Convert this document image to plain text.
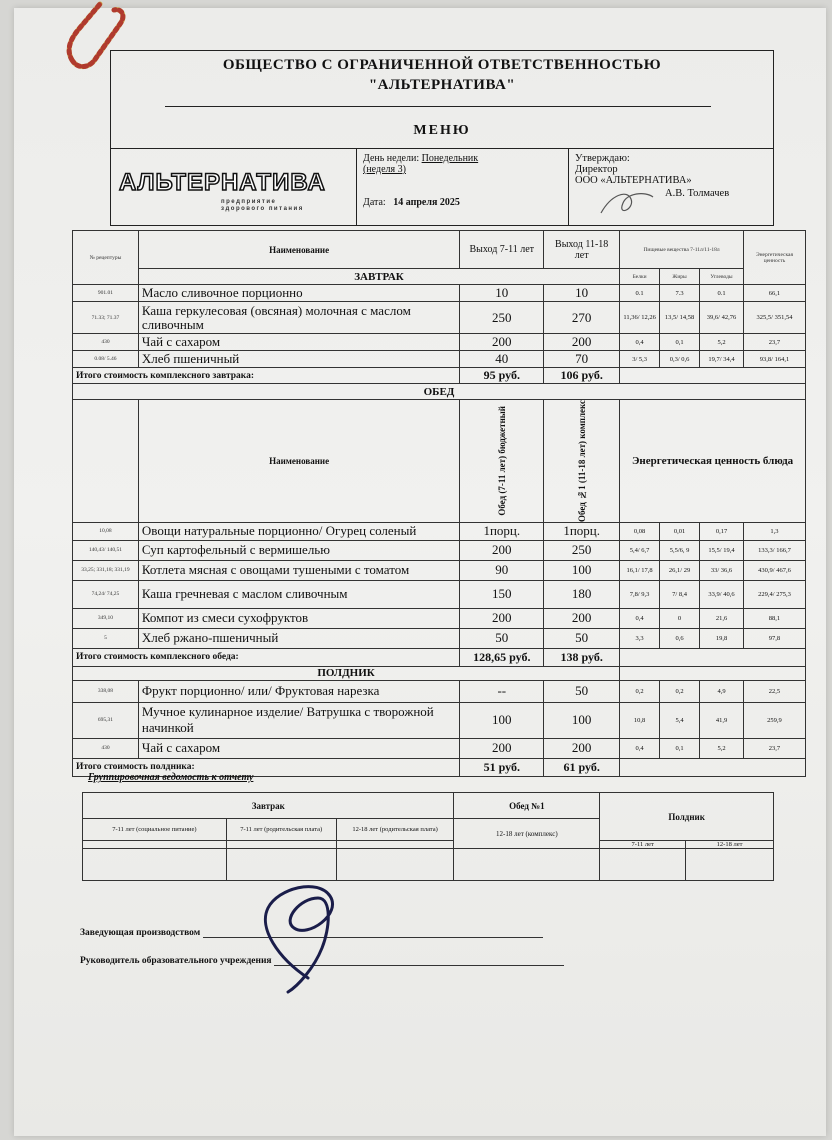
ОБЩЕСТВО С ОГРАНИЧЕННОЙ ОТВЕТСТВЕННОСТЬЮ
"АЛЬТЕРНАТИВА"
МЕНЮ
АЛЬТЕРНАТИВА
предприятие здорового питания
День недели: Понедельник
(неделя 3)
Дата: 14 апреля 2025
Утверждаю:
Директор
ООО «АЛЬТЕРНАТИВА»
А.В. Толмачев
№ рецептуры	Наименование	Выход 7-11 лет	Выход 11-18 лет	Пищевые вещества 7-11л/11-18л			Энергетическая ценность
	ЗАВТРАК			Белки	Жиры	Углеводы	
901.01	Масло сливочное порционно	10	10	0.1	7.3	0.1	66,1
71.33; 71.37	Каша геркулесовая (овсяная) молочная с маслом сливочным	250	270	11,36/ 12,26	13,5/ 14,58	39,6/ 42,76	325,5/ 351,54
430	Чай с сахаром	200	200	0,4	0,1	5,2	23,7
0.08/ 5.46	Хлеб пшеничный	40	70	3/ 5,3	0,3/ 0,6	19,7/ 34,4	93,8/ 164,1
Итого стоимость комплексного завтрака:		95 руб.	106 руб.				
ОБЕД							
	Наименование	Обед (7-11 лет) бюджетный	Обед №1 (11-18 лет) комплекс	Энергетическая ценность блюда			
10,08	Овощи натуральные порционно/ Огурец соленый	1порц.	1порц.	0,08	0,01	0,17	1,3
140,43/ 140,51	Суп картофельный с вермишелью	200	250	5,4/ 6,7	5,5/6, 9	15,5/ 19,4	133,3/ 166,7
33,25; 331,18; 331,19	Котлета мясная с овощами тушеными с томатом	90	100	16,1/ 17,8	26,1/ 29	33/ 36,6	430,9/ 467,6
74,24/ 74,25	Каша гречневая с маслом сливочным	150	180	7,8/ 9,3	7/ 8,4	33,9/ 40,6	229,4/ 275,3
349,10	Компот из смеси сухофруктов	200	200	0,4	0	21,6	88,1
5	Хлеб ржано-пшеничный	50	50	3,3	0,6	19,8	97,8
Итого стоимость комплексного обеда:		128,65 руб.	138 руб.				
ПОЛДНИК							
338,08	Фрукт порционно/ или/ Фруктовая нарезка	--	50	0,2	0,2	4,9	22,5
695,31	Мучное кулинарное изделие/ Ватрушка с творожной начинкой	100	100	10,8	5,4	41,9	259,9
430	Чай с сахаром	200	200	0,4	0,1	5,2	23,7
Итого стоимость полдника:		51 руб.	61 руб.				
Группировочная ведомость к отчету
Завтрак			Обед №1	Полдник	
7-11 лет (социальное питание)	7-11 лет (родительская плата)	12-18 лет (родительская плата)	12-18 лет (комплекс)		
				7-11 лет	12-18 лет

Заведующая производством
Руководитель образовательного учреждения
